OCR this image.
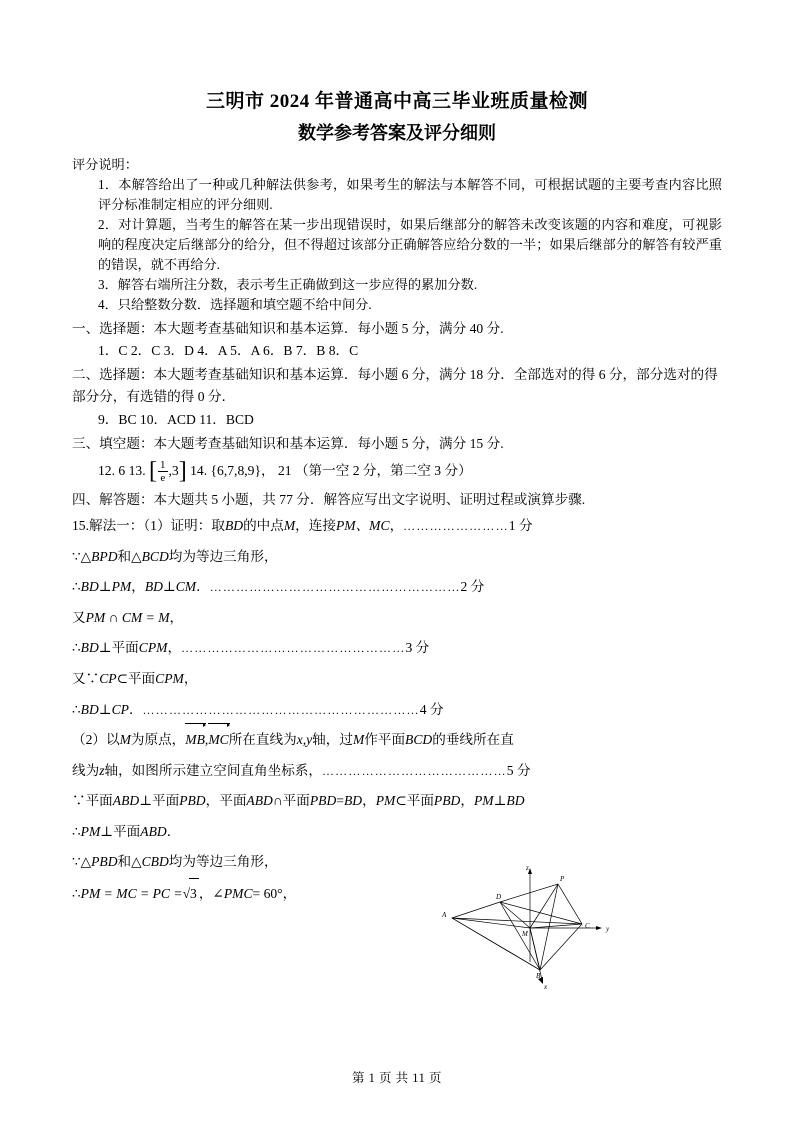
三明市 2024 年普通高中高三毕业班质量检测
数学参考答案及评分细则
评分说明：
1．本解答给出了一种或几种解法供参考，如果考生的解法与本解答不同，可根据试题的主要考查内容比照评分标准制定相应的评分细则.
2．对计算题，当考生的解答在某一步出现错误时，如果后继部分的解答未改变该题的内容和难度，可视影响的程度决定后继部分的给分，但不得超过该部分正确解答应给分数的一半；如果后继部分的解答有较严重的错误，就不再给分.
3．解答右端所注分数，表示考生正确做到这一步应得的累加分数.
4．只给整数分数．选择题和填空题不给中间分.
一、选择题：本大题考查基础知识和基本运算．每小题 5 分，满分 40 分.
1．C 2．C 3．D 4．A 5．A 6．B 7．B 8．C
二、选择题：本大题考查基础知识和基本运算．每小题 6 分，满分 18 分．全部选对的得 6 分，部分选对的得部分分，有选错的得 0 分．
9．BC 10．ACD 11．BCD
三、填空题：本大题考查基础知识和基本运算．每小题 5 分，满分 15 分.
12. 6 13. [ $\frac{1}{e} ,3$] 14. {6,7,8,9}， 21 （第一空 2 分，第二空 3 分）
四、解答题：本大题共 5 小题，共 77 分．解答应写出文字说明、证明过程或演算步骤.
15.解法一：（1）证明：取BD的中点M，连接PM、MC，……………………1 分
∵△BPD和△BCD均为等边三角形，
∴BD⊥PM，BD⊥CM．…………………………………………………2 分
又PM ∩ CM = M，
∴BD⊥平面CPM，……………………………………………3 分
又∵CP⊂平面CPM，
∴BD⊥CP．………………………………………………………4 分
（2）以M为原点，MB,MC所在直线为x,y轴，过M作平面BCD的垂线所在直
线为z轴，如图所示建立空间直角坐标系，……………………………………5 分
∵平面ABD⊥平面PBD，平面ABD∩平面PBD=BD，PM⊂平面PBD，PM⊥BD
∴PM⊥平面ABD．
∵△PBD和△CBD均为等边三角形，
∴PM = MC = PC =√3 ，∠PMC= 60°，
z
P
A
D
y
M
C
B
x
第 1 页 共 11 页
